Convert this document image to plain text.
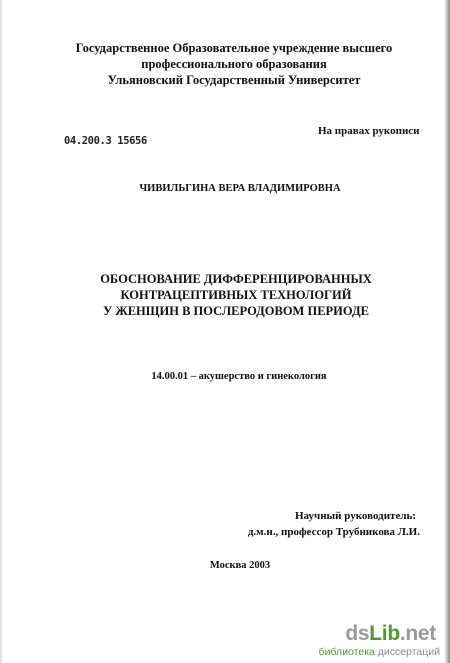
Государственное Образовательное учреждение высшего
профессионального образования
Ульяновский Государственный Университет
04.200.3 15656
На правах рукописи
ЧИВИЛЬГИНА ВЕРА ВЛАДИМИРОВНА
ОБОСНОВАНИЕ ДИФФЕРЕНЦИРОВАННЫХ
КОНТРАЦЕПТИВНЫХ ТЕХНОЛОГИЙ
У ЖЕНЩИН В ПОСЛЕРОДОВОМ ПЕРИОДЕ
14.00.01 – акушерство и гинекология
Научный руководитель:
д.м.н., профессор Трубникова Л.И.
Москва 2003
dsLib.net
библиотека диссертаций
